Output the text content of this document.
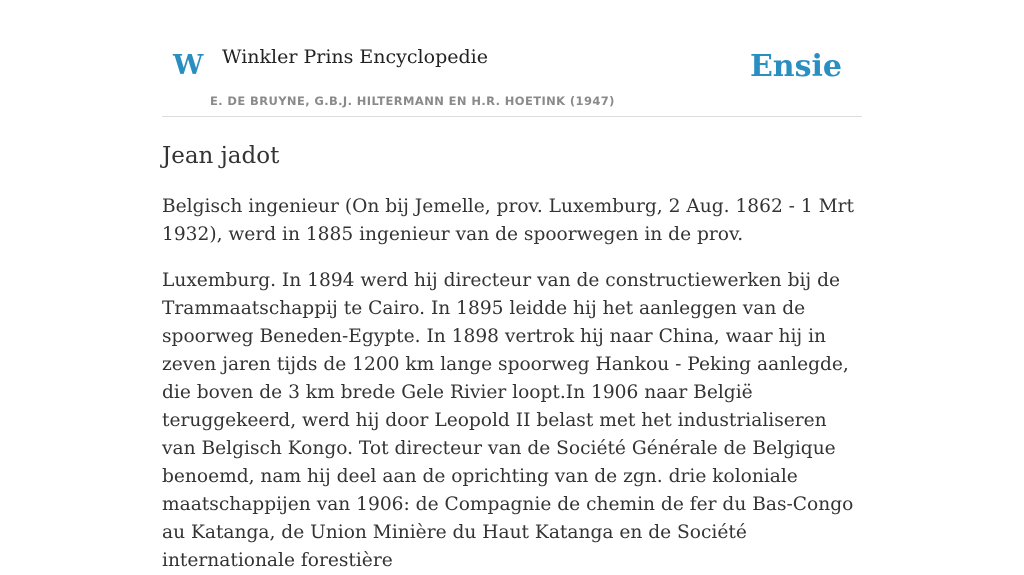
W Winkler Prins Encyclopedie
E. DE BRUYNE, G.B.J. HILTERMANN EN H.R. HOETINK (1947)
Ensie
Jean jadot

Belgisch ingenieur (On bij Jemelle, prov. Luxemburg, 2 Aug. 1862 - 1 Mrt 1932), werd in 1885 ingenieur van de spoorwegen in de prov.

Luxemburg. In 1894 werd hij directeur van de constructiewerken bij de Trammaatschappij te Cairo. In 1895 leidde hij het aanleggen van de spoorweg Beneden-Egypte. In 1898 vertrok hij naar China, waar hij in zeven jaren tijds de 1200 km lange spoorweg Hankou - Peking aanlegde, die boven de 3 km brede Gele Rivier loopt.In 1906 naar België teruggekeerd, werd hij door Leopold II belast met het industrialiseren van Belgisch Kongo. Tot directeur van de Société Générale de Belgique benoemd, nam hij deel aan de oprichting van de zgn. drie koloniale maatschappijen van 1906: de Compagnie de chemin de fer du Bas-Congo au Katanga, de Union Minière du Haut Katanga en de Société internationale forestière
